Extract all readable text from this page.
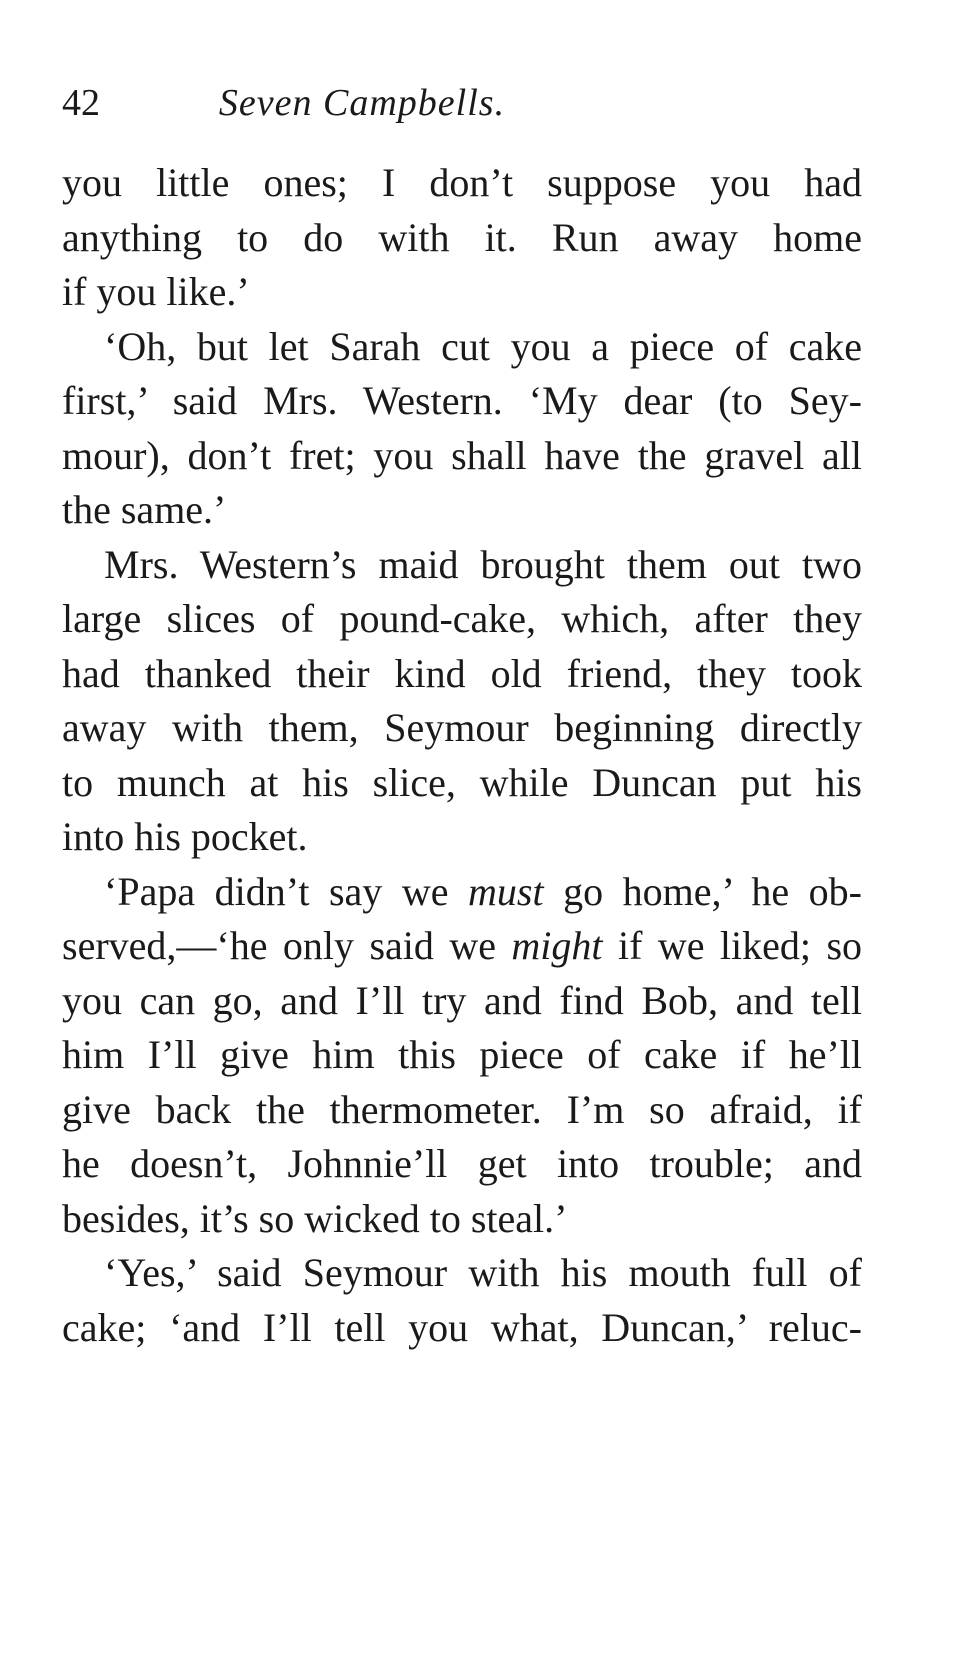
42	Seven Campbells.

you little ones; I don’t suppose you had
anything to do with it. Run away home
if you like.’

‘Oh, but let Sarah cut you a piece of cake
first,’ said Mrs. Western. ‘My dear (to Sey-
mour), don’t fret; you shall have the gravel all
the same.’

Mrs. Western’s maid brought them out two
large slices of pound-cake, which, after they
had thanked their kind old friend, they took
away with them, Seymour beginning directly
to munch at his slice, while Duncan put his
into his pocket.

‘Papa didn’t say we must go home,’ he ob-
served,—‘he only said we might if we liked; so
you can go, and I’ll try and find Bob, and tell
him I’ll give him this piece of cake if he’ll
give back the thermometer. I’m so afraid, if
he doesn’t, Johnnie’ll get into trouble; and
besides, it’s so wicked to steal.’

‘Yes,’ said Seymour with his mouth full of
cake; ‘and I’ll tell you what, Duncan,’ reluc-
